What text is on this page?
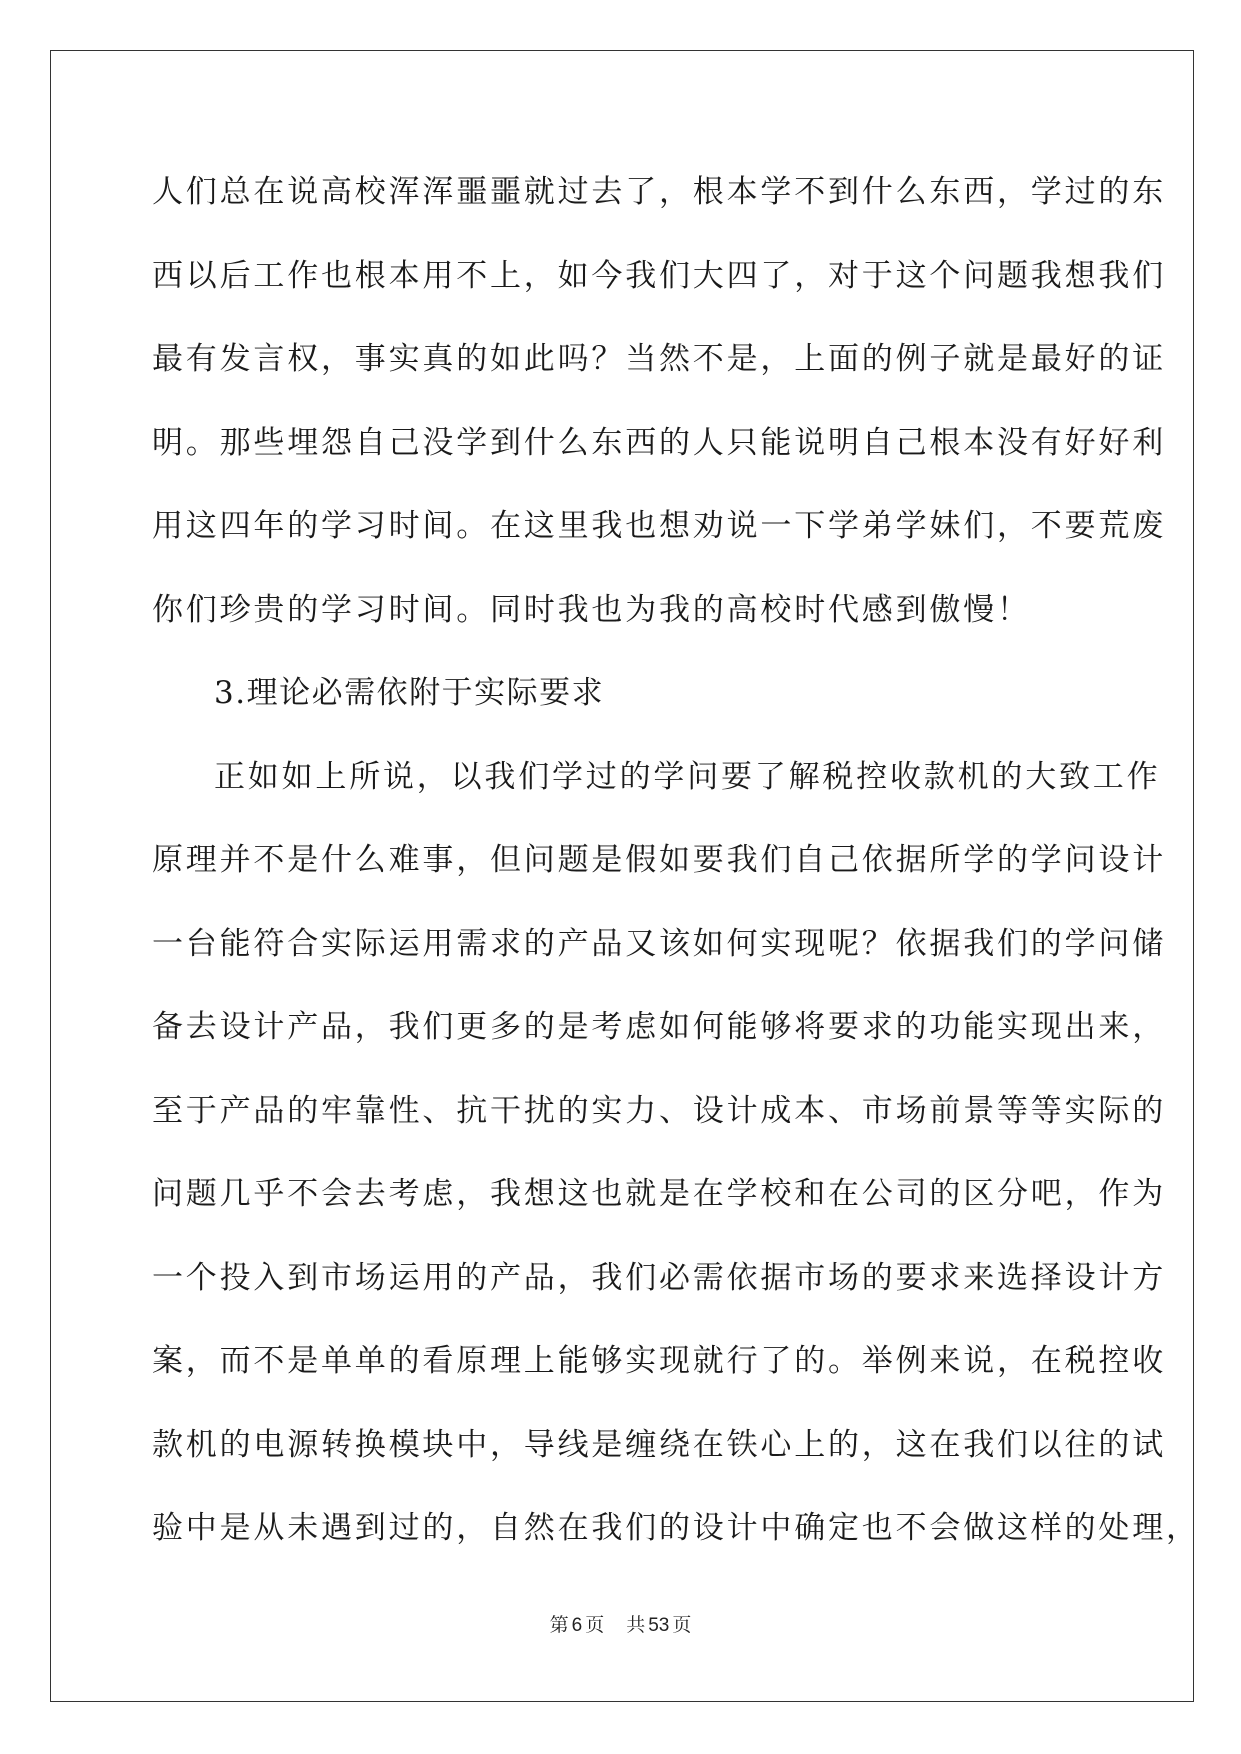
人们总在说高校浑浑噩噩就过去了，根本学不到什么东西，学过的东
西以后工作也根本用不上，如今我们大四了，对于这个问题我想我们
最有发言权，事实真的如此吗？当然不是，上面的例子就是最好的证
明。那些埋怨自己没学到什么东西的人只能说明自己根本没有好好利
用这四年的学习时间。在这里我也想劝说一下学弟学妹们，不要荒废
你们珍贵的学习时间。同时我也为我的高校时代感到傲慢！
3.理论必需依附于实际要求
正如如上所说，以我们学过的学问要了解税控收款机的大致工作
原理并不是什么难事，但问题是假如要我们自己依据所学的学问设计
一台能符合实际运用需求的产品又该如何实现呢？依据我们的学问储
备去设计产品，我们更多的是考虑如何能够将要求的功能实现出来，
至于产品的牢靠性、抗干扰的实力、设计成本、市场前景等等实际的
问题几乎不会去考虑，我想这也就是在学校和在公司的区分吧，作为
一个投入到市场运用的产品，我们必需依据市场的要求来选择设计方
案，而不是单单的看原理上能够实现就行了的。举例来说，在税控收
款机的电源转换模块中，导线是缠绕在铁心上的，这在我们以往的试
验中是从未遇到过的，自然在我们的设计中确定也不会做这样的处理，
第 6 页 共 53 页
